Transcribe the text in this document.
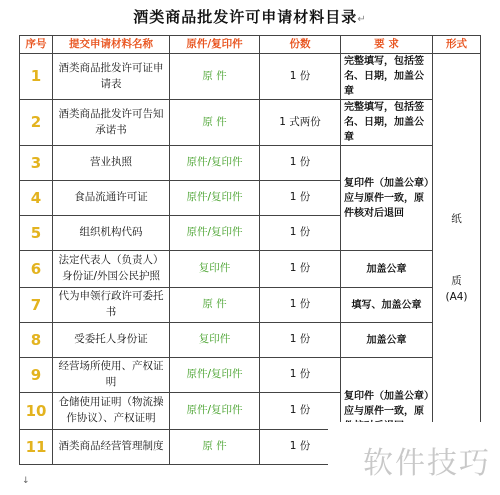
酒类商品批发许可申请材料目录↵
序号	提交申请材料名称	原件/复印件	份数	要 求	形式
1	酒类商品批发许可证申请表	原 件	1 份	完整填写，包括签名、日期，加盖公章	纸
质
(A4)

2	酒类商品批发许可告知承诺书	原 件	1 式两份	完整填写，包括签名、日期，加盖公章	
3	营业执照	原件/复印件	1 份	复印件（加盖公章）应与原件一致，原件核对后退回	
4	食品流通许可证	原件/复印件	1 份		
5	组织机构代码	原件/复印件	1 份		
6	法定代表人（负责人）身份证/外国公民护照	复印件	1 份	加盖公章	
7	代为申领行政许可委托书	原 件	1 份	填写、加盖公章	
8	受委托人身份证	复印件	1 份	加盖公章	
9	经营场所使用、产权证明	原件/复印件	1 份	复印件（加盖公章）应与原件一致，原	
10	仓储使用证明（物流操作协议）、产权证明	原件/复印件	1 份		
11	酒类商品经营管理制度	原 件	1 份		软件技巧
↓
